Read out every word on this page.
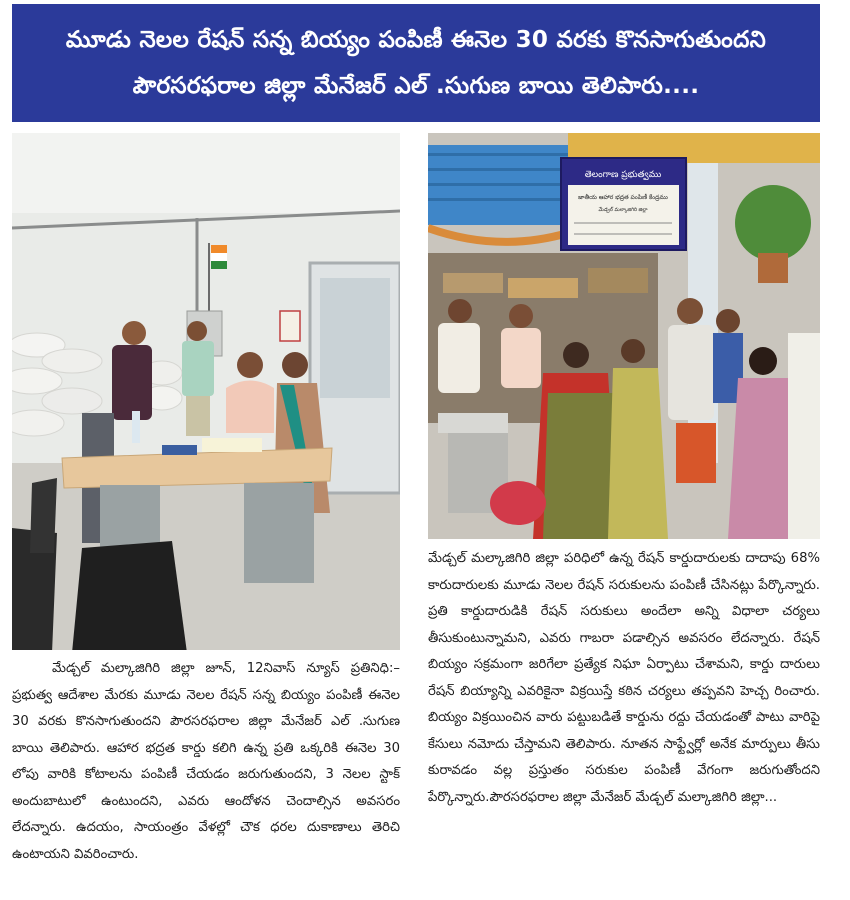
మూడు నెలల రేషన్ సన్న బియ్యం పంపిణీ ఈనెల 30 వరకు కొనసాగుతుందని
పౌరసరఫరాల జిల్లా మేనేజర్ ఎల్ .సుగుణ బాయి తెలిపారు....
తెలంగాణ ప్రభుత్వము
జాతీయ ఆహార భద్రత పంపిణీ కేంద్రము
మేడ్చల్ మల్కాజిగిరి జిల్లా
మేడ్చల్ మల్కాజిగిరి జిల్లా జూన్, 12నివాస్ న్యూస్ ప్రతినిధి:– ప్రభుత్వ ఆదేశాల మేరకు మూడు నెలల రేషన్ సన్న బియ్యం పంపిణీ ఈనెల 30 వరకు కొనసాగుతుందని పౌరసరఫరాల జిల్లా మేనేజర్ ఎల్ .సుగుణ బాయి తెలిపారు. ఆహార భద్రత కార్డు కలిగి ఉన్న ప్రతి ఒక్కరికి ఈనెల 30 లోపు వారికి కోటాలను పంపిణీ చేయడం జరుగుతుందని, 3 నెలల స్టాక్ అందుబాటులో ఉంటుందని, ఎవరు ఆందోళన చెందాల్సిన అవసరం లేదన్నారు. ఉదయం, సాయంత్రం వేళల్లో చౌక ధరల దుకాణాలు తెరిచి ఉంటాయని వివరించారు.
మేడ్చల్ మల్కాజిగిరి జిల్లా పరిధిలో ఉన్న రేషన్ కార్డుదారులకు దాదాపు 68% కారుదారులకు మూడు నెలల రేషన్ సరుకులను పంపిణీ చేసినట్లు పేర్కొన్నారు. ప్రతి కార్డుదారుడికి రేషన్ సరుకులు అందేలా అన్ని విధాలా చర్యలు తీసుకుంటున్నామని, ఎవరు గాబరా పడాల్సిన అవసరం లేదన్నారు. రేషన్ బియ్యం సక్రమంగా జరిగేలా ప్రత్యేక నిఘా ఏర్పాటు చేశామని, కార్డు దారులు రేషన్ బియ్యాన్ని ఎవరికైనా విక్రయిస్తే కఠిన చర్యలు తప్పవని హెచ్చ రించారు. బియ్యం విక్రయించిన వారు పట్టుబడితే కార్డును రద్దు చేయడంతో పాటు వారిపై కేసులు నమోదు చేస్తామని తెలిపారు. నూతన సాఫ్ట్వేర్లో అనేక మార్పులు తీసు కురావడం వల్ల ప్రస్తుతం సరుకుల పంపిణీ వేగంగా జరుగుతోందని పేర్కొన్నారు.పౌరసరఫరాల జిల్లా మేనేజర్ మేడ్చల్ మల్కాజిగిరి జిల్లా...
